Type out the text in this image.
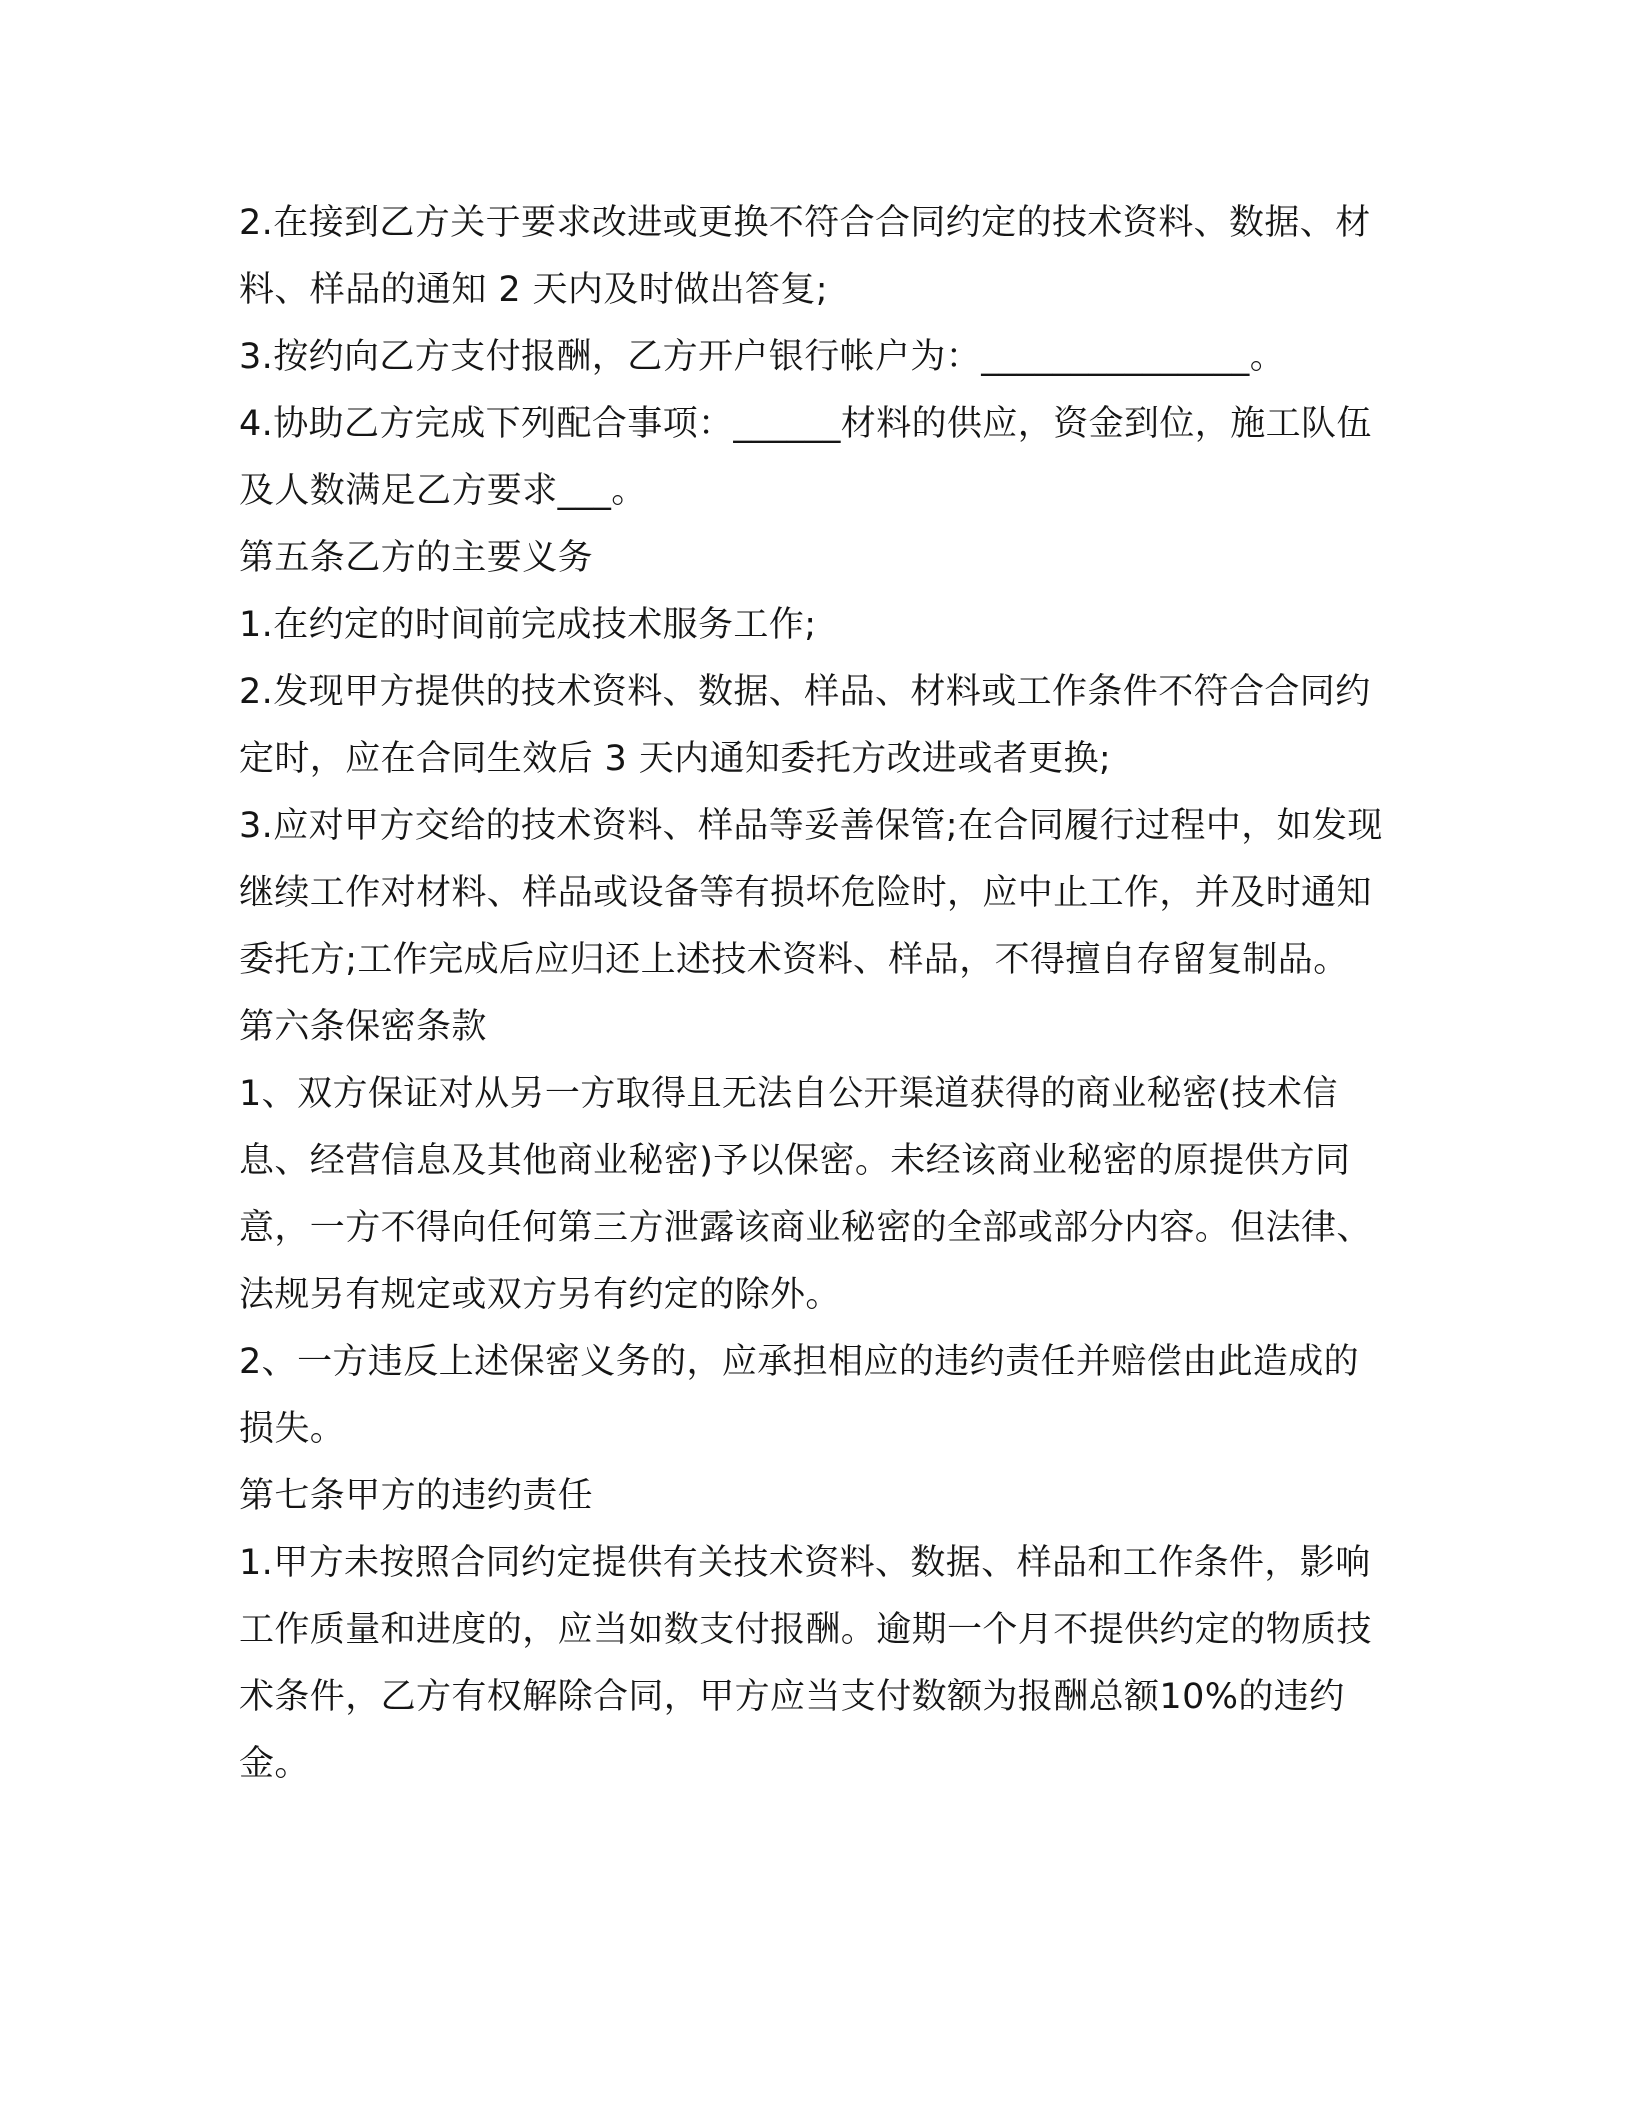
2.在接到乙方关于要求改进或更换不符合合同约定的技术资料、数据、材料、样品的通知 2 天内及时做出答复;

3.按约向乙方支付报酬，乙方开户银行帐户为：_______________。

4.协助乙方完成下列配合事项：______材料的供应，资金到位，施工队伍及人数满足乙方要求___。

第五条乙方的主要义务

1.在约定的时间前完成技术服务工作;

2.发现甲方提供的技术资料、数据、样品、材料或工作条件不符合合同约定时，应在合同生效后 3 天内通知委托方改进或者更换;

3.应对甲方交给的技术资料、样品等妥善保管;在合同履行过程中，如发现继续工作对材料、样品或设备等有损坏危险时，应中止工作，并及时通知委托方;工作完成后应归还上述技术资料、样品，不得擅自存留复制品。

第六条保密条款

1、双方保证对从另一方取得且无法自公开渠道获得的商业秘密(技术信息、经营信息及其他商业秘密)予以保密。未经该商业秘密的原提供方同意，一方不得向任何第三方泄露该商业秘密的全部或部分内容。但法律、法规另有规定或双方另有约定的除外。

2、一方违反上述保密义务的，应承担相应的违约责任并赔偿由此造成的损失。

第七条甲方的违约责任

1.甲方未按照合同约定提供有关技术资料、数据、样品和工作条件，影响工作质量和进度的，应当如数支付报酬。逾期一个月不提供约定的物质技术条件，乙方有权解除合同，甲方应当支付数额为报酬总额10%的违约金。
